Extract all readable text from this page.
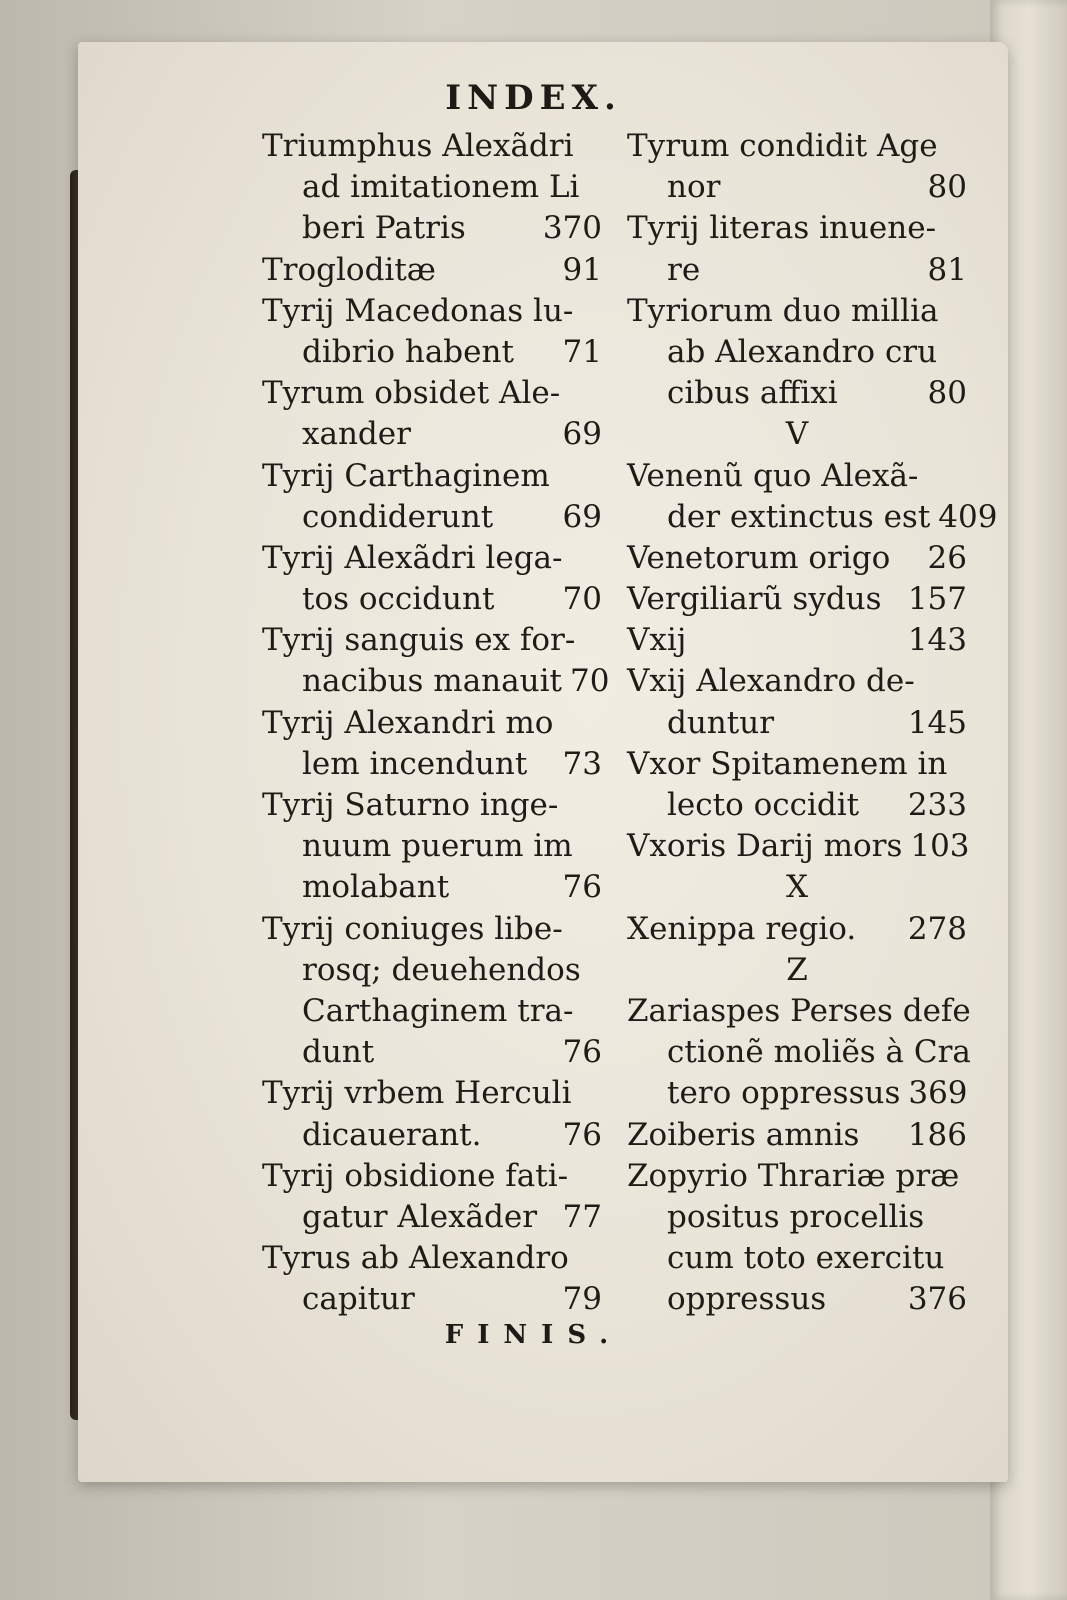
INDEX.
Triumphus Alexãdri
ad imitationem Li
beri Patris 370
Trogloditæ	91
Tyrij Macedonas lu-
dibrio habent 71
Tyrum obsidet Ale-
xander	69
Tyrij Carthaginem
condiderunt 69
Tyrij Alexãdri lega-
tos occidunt 70
Tyrij sanguis ex for-
nacibus manauit 70
Tyrij Alexandri mo
lem incendunt 73
Tyrij Saturno inge-
nuum puerum im
molabant	76
Tyrij coniuges libe-
rosq; deuehendos
Carthaginem tra-
dunt	76
Tyrij vrbem Herculi
dicauerant.	76
Tyrij obsidione fati-
gatur Alexãder 77
Tyrus ab Alexandro
capitur	79
Tyrum condidit Age
nor	80
Tyrij literas inuene-
re	81
Tyriorum duo millia
ab Alexandro cru
cibus affixi	80
V
Venenũ quo Alexã-
der extinctus est 409
Venetorum origo 26
Vergiliarũ sydus 157
Vxij	143
Vxij Alexandro de-
duntur	145
Vxor Spitamenem in
lecto occidit 233
Vxoris Darij mors 103
X
Xenippa regio. 278
Z
Zariaspes Perses defe
ctionẽ moliẽs à Cra
tero oppressus 369
Zoiberis amnis 186
Zopyrio Thrariæ præ
positus procellis
cum toto exercitu
oppressus	376
FINIS.
